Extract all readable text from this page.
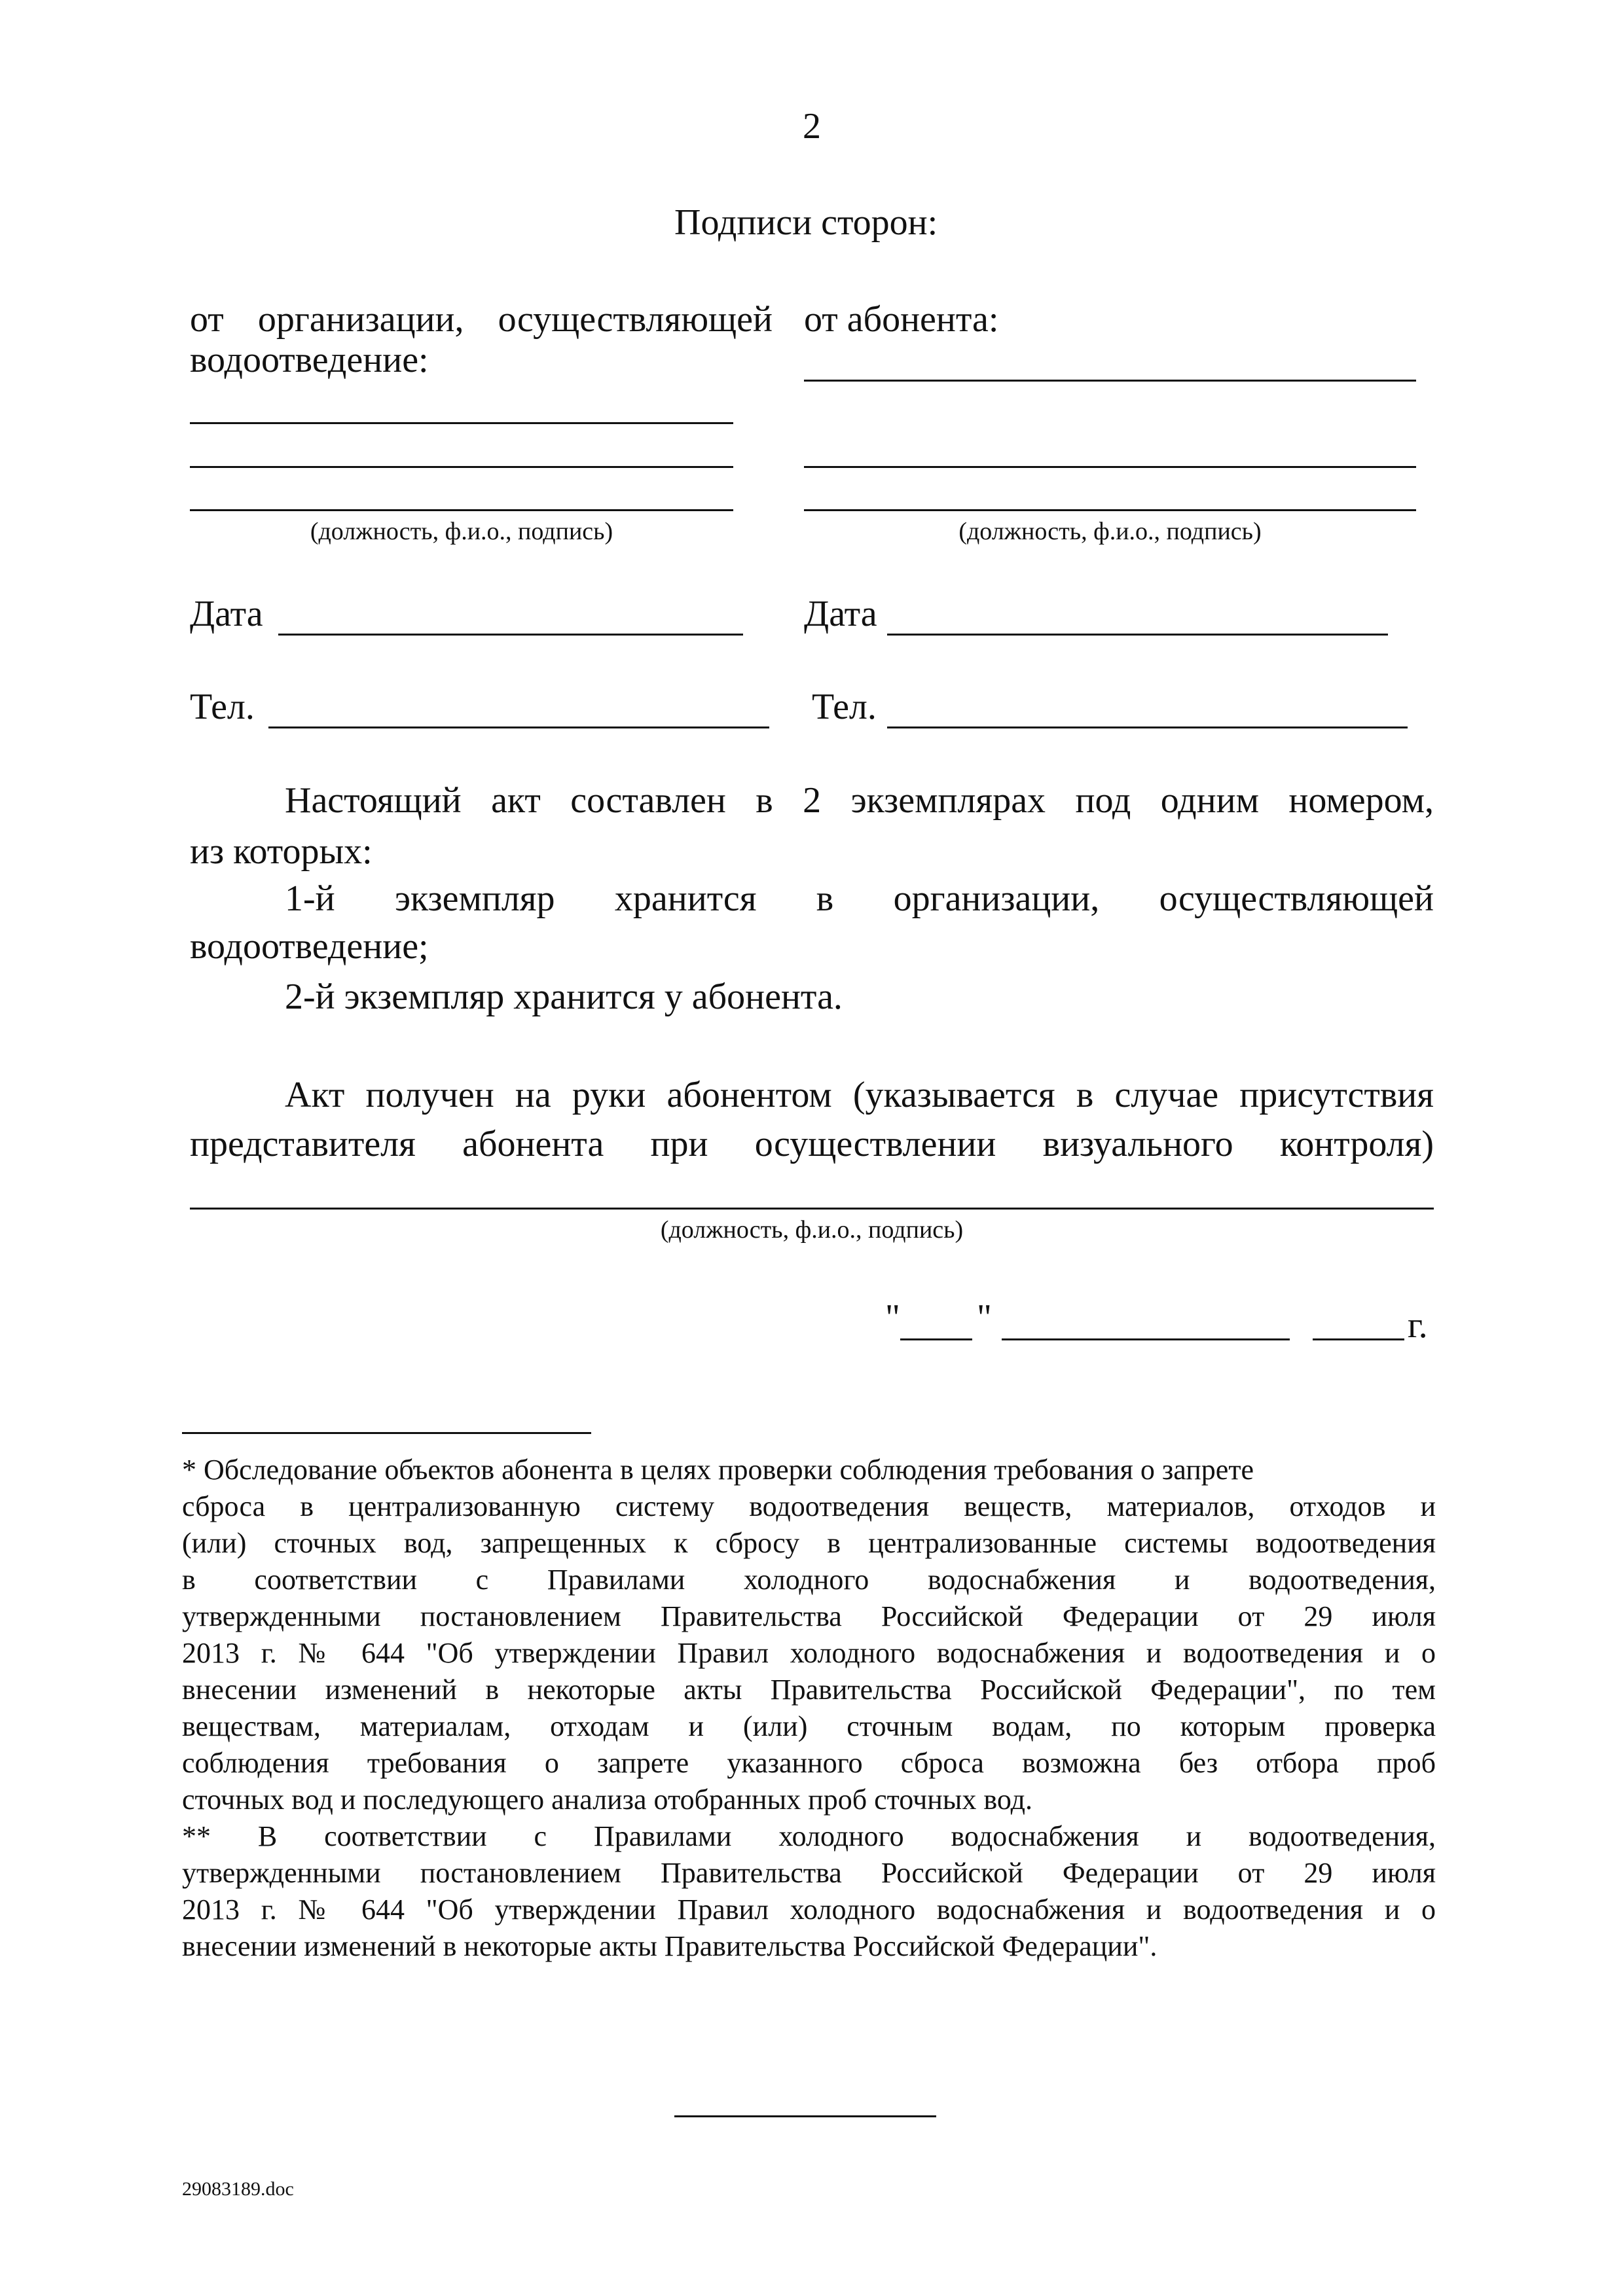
2
Подписи сторон:
от организации, осуществляющей
водоотведение:
(должность, ф.и.о., подпись)
Дата
Тел.
от абонента:
(должность, ф.и.о., подпись)
Дата
Тел.
Настоящий акт составлен в 2 экземплярах под одним номером,
из которых:
1-й экземпляр хранится в организации, осуществляющей
водоотведение;
2-й экземпляр хранится у абонента.
Акт получен на руки абонентом (указывается в случае присутствия
представителя абонента при осуществлении визуального контроля)
(должность, ф.и.о., подпись)
" "	г.
* Обследование объектов абонента в целях проверки соблюдения требования о запрете
сброса в централизованную систему водоотведения веществ, материалов, отходов и
(или) сточных вод, запрещенных к сбросу в централизованные системы водоотведения
в соответствии с Правилами холодного водоснабжения и водоотведения,
утвержденными постановлением Правительства Российской Федерации от 29 июля
2013 г. № 644 "Об утверждении Правил холодного водоснабжения и водоотведения и о
внесении изменений в некоторые акты Правительства Российской Федерации", по тем
веществам, материалам, отходам и (или) сточным водам, по которым проверка
соблюдения требования о запрете указанного сброса возможна без отбора проб
сточных вод и последующего анализа отобранных проб сточных вод.
** В соответствии с Правилами холодного водоснабжения и водоотведения,
утвержденными постановлением Правительства Российской Федерации от 29 июля
2013 г. № 644 "Об утверждении Правил холодного водоснабжения и водоотведения и о
внесении изменений в некоторые акты Правительства Российской Федерации".
29083189.doc
